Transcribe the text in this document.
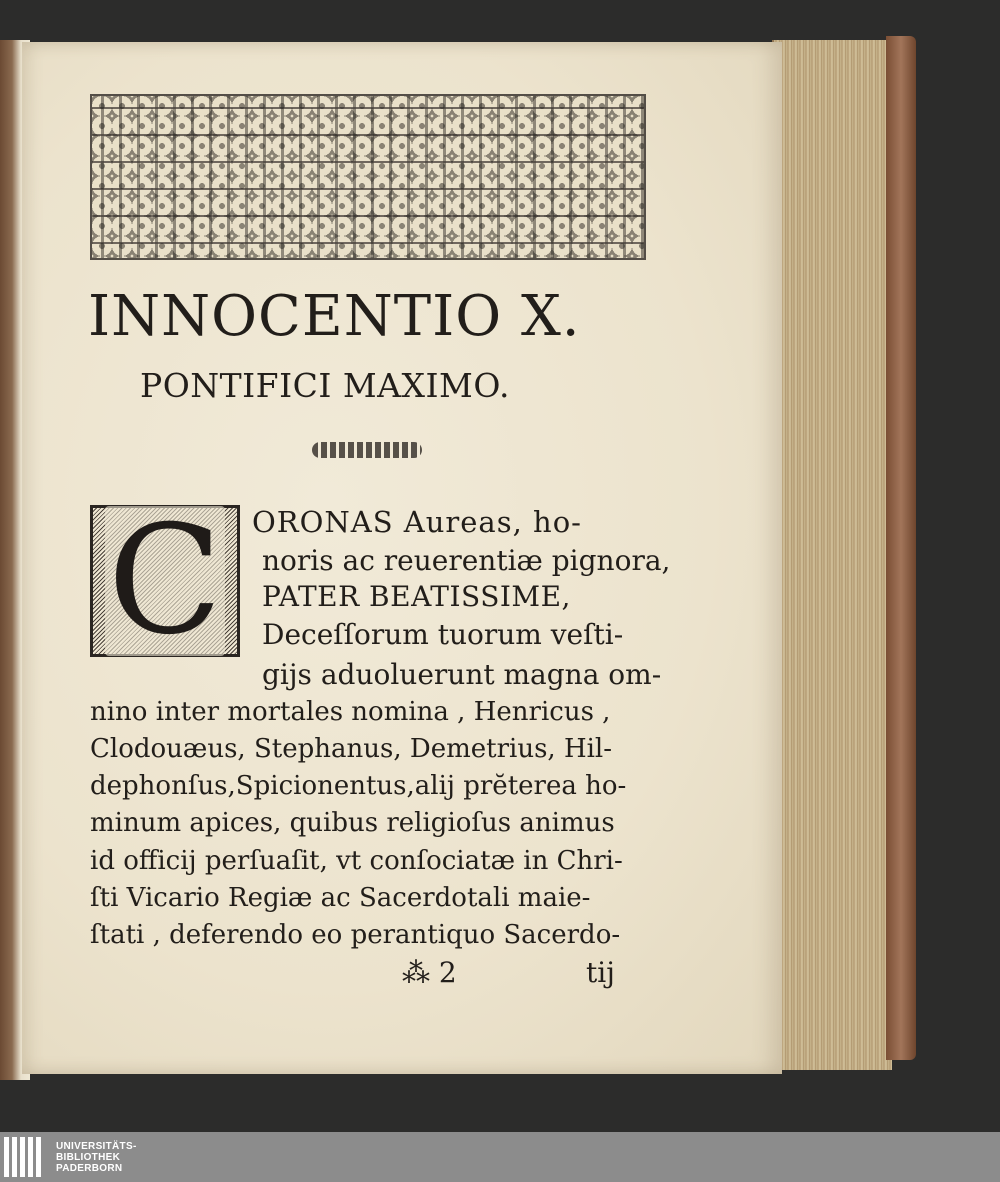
INNOCENTIO X.
PONTIFICI MAXIMO.
C ORONAS Aureas, ho-
noris ac reuerentiæ pignora,
PATER BEATISSIME,
Deceſſorum tuorum veſti-
gijs aduoluerunt magna om-
nino inter mortales nomina , Henricus ,
Clodouæus, Stephanus, Demetrius, Hil-
dephonſus,Spicionentus,alij prĕterea ho-
minum apices, quibus religioſus animus
id officij perſuaſit, vt conſociatæ in Chri-
ſti Vicario Regiæ ac Sacerdotali maie-
ſtati , deferendo eo perantiquo Sacerdo-
⁂ 2	tij
UNIVERSITÄTS-
BIBLIOTHEK
PADERBORN
